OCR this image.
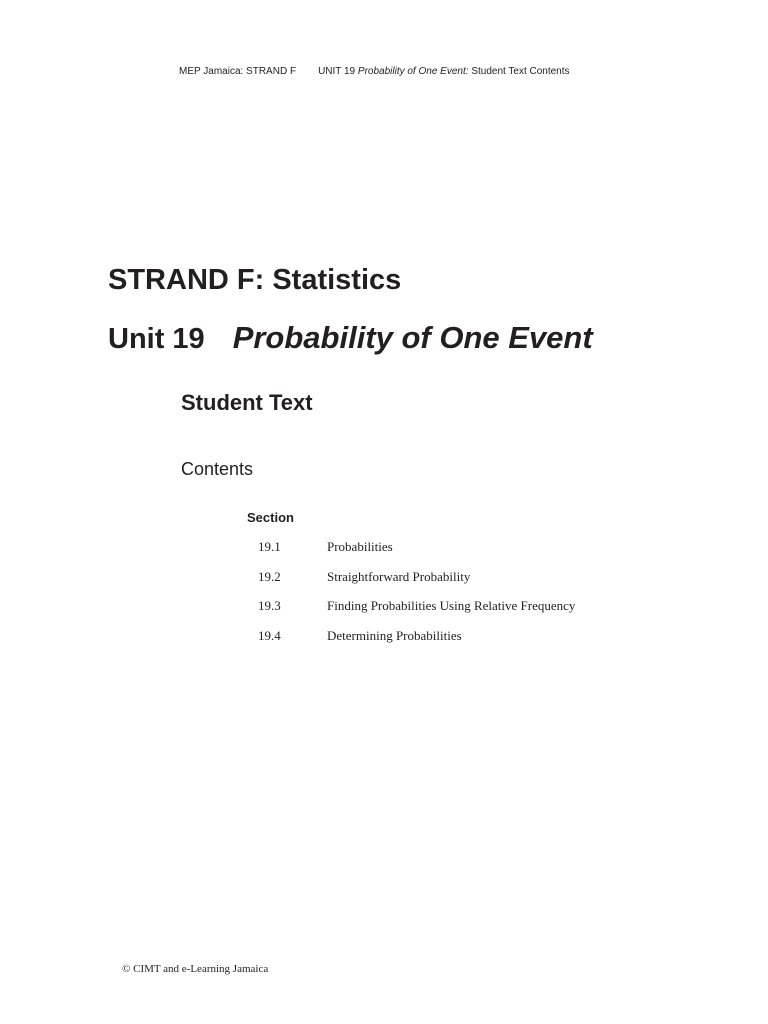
MEP Jamaica: STRAND F UNIT 19 Probability of One Event: Student Text Contents
STRAND F: Statistics
Unit 19 Probability of One Event
Student Text
Contents
Section
19.1	Probabilities
19.2	Straightforward Probability
19.3	Finding Probabilities Using Relative Frequency
19.4	Determining Probabilities
© CIMT and e-Learning Jamaica
